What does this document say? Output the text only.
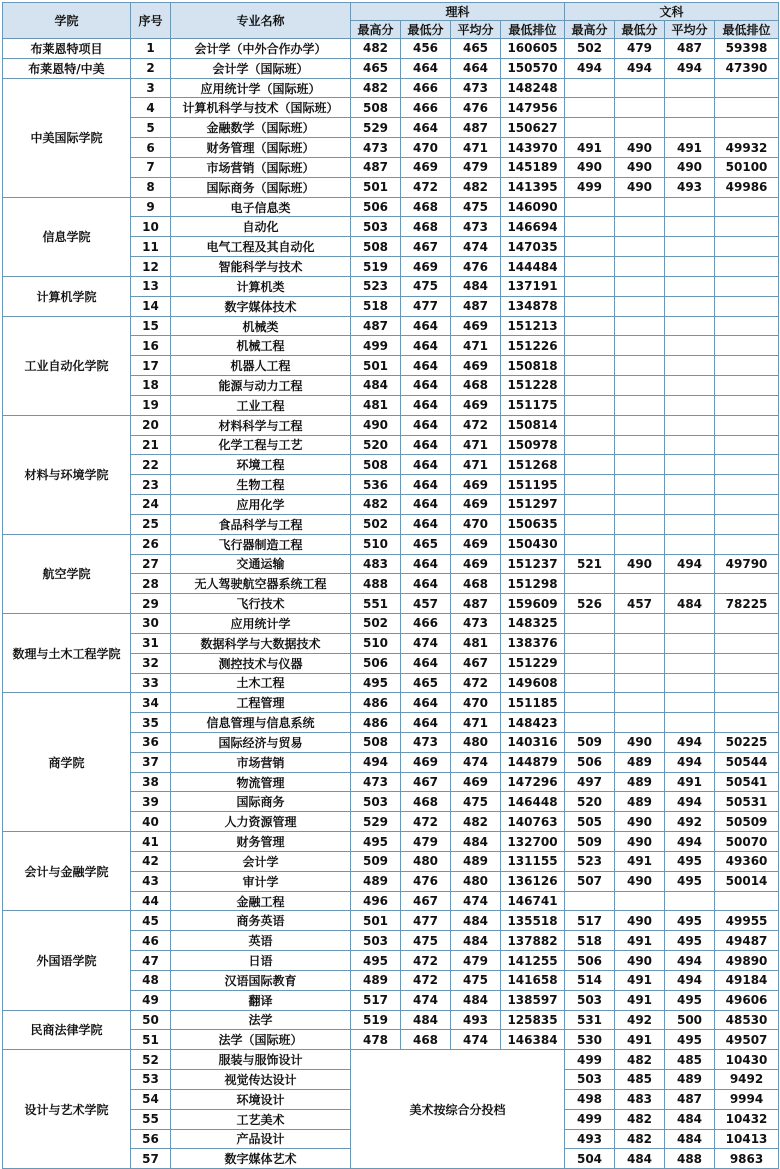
学院	序号	专业名称	理科				文科			
			最高分	最低分	平均分	最低排位	最高分	最低分	平均分	最低排位
布莱恩特项目	1	会计学（中外合作办学）	482	456	465	160605	502	479	487	59398
布莱恩特/中美	2	会计学（国际班）	465	464	464	150570	494	494	494	47390
中美国际学院	3	应用统计学（国际班）	482	466	473	148248				
	4	计算机科学与技术（国际班）	508	466	476	147956				
	5	金融数学（国际班）	529	464	487	150627				
	6	财务管理（国际班）	473	470	471	143970	491	490	491	49932
	7	市场营销（国际班）	487	469	479	145189	490	490	490	50100
	8	国际商务（国际班）	501	472	482	141395	499	490	493	49986
信息学院	9	电子信息类	506	468	475	146090				
	10	自动化	503	468	473	146694				
	11	电气工程及其自动化	508	467	474	147035				
	12	智能科学与技术	519	469	476	144484				
计算机学院	13	计算机类	523	475	484	137191				
	14	数字媒体技术	518	477	487	134878				
工业自动化学院	15	机械类	487	464	469	151213				
	16	机械工程	499	464	471	151226				
	17	机器人工程	501	464	469	150818				
	18	能源与动力工程	484	464	468	151228				
	19	工业工程	481	464	469	151175				
材料与环境学院	20	材料科学与工程	490	464	472	150814				
	21	化学工程与工艺	520	464	471	150978				
	22	环境工程	508	464	471	151268				
	23	生物工程	536	464	469	151195				
	24	应用化学	482	464	469	151297				
	25	食品科学与工程	502	464	470	150635				
航空学院	26	飞行器制造工程	510	465	469	150430				
	27	交通运输	483	464	469	151237	521	490	494	49790
	28	无人驾驶航空器系统工程	488	464	468	151298				
	29	飞行技术	551	457	487	159609	526	457	484	78225
数理与土木工程学院	30	应用统计学	502	466	473	148325				
	31	数据科学与大数据技术	510	474	481	138376				
	32	测控技术与仪器	506	464	467	151229				
	33	土木工程	495	465	472	149608				
商学院	34	工程管理	486	464	470	151185				
	35	信息管理与信息系统	486	464	471	148423				
	36	国际经济与贸易	508	473	480	140316	509	490	494	50225
	37	市场营销	494	469	474	144879	506	489	494	50544
	38	物流管理	473	467	469	147296	497	489	491	50541
	39	国际商务	503	468	475	146448	520	489	494	50531
	40	人力资源管理	529	472	482	140763	505	490	492	50509
会计与金融学院	41	财务管理	495	479	484	132700	509	490	494	50070
	42	会计学	509	480	489	131155	523	491	495	49360
	43	审计学	489	476	480	136126	507	490	495	50014
	44	金融工程	496	467	474	146741				
外国语学院	45	商务英语	501	477	484	135518	517	490	495	49955
	46	英语	503	475	484	137882	518	491	495	49487
	47	日语	495	472	479	141255	506	490	494	49890
	48	汉语国际教育	489	472	475	141658	514	491	494	49184
	49	翻译	517	474	484	138597	503	491	495	49606
民商法律学院	50	法学	519	484	493	125835	531	492	500	48530
	51	法学（国际班）	478	468	474	146384	530	491	495	49507
设计与艺术学院	52	服装与服饰设计	美术按综合分投档				499	482	485	10430
	53	视觉传达设计					503	485	489	9492
	54	环境设计					498	483	487	9994
	55	工艺美术					499	482	484	10432
	56	产品设计					493	482	484	10413
	57	数字媒体艺术					504	484	488	9863
